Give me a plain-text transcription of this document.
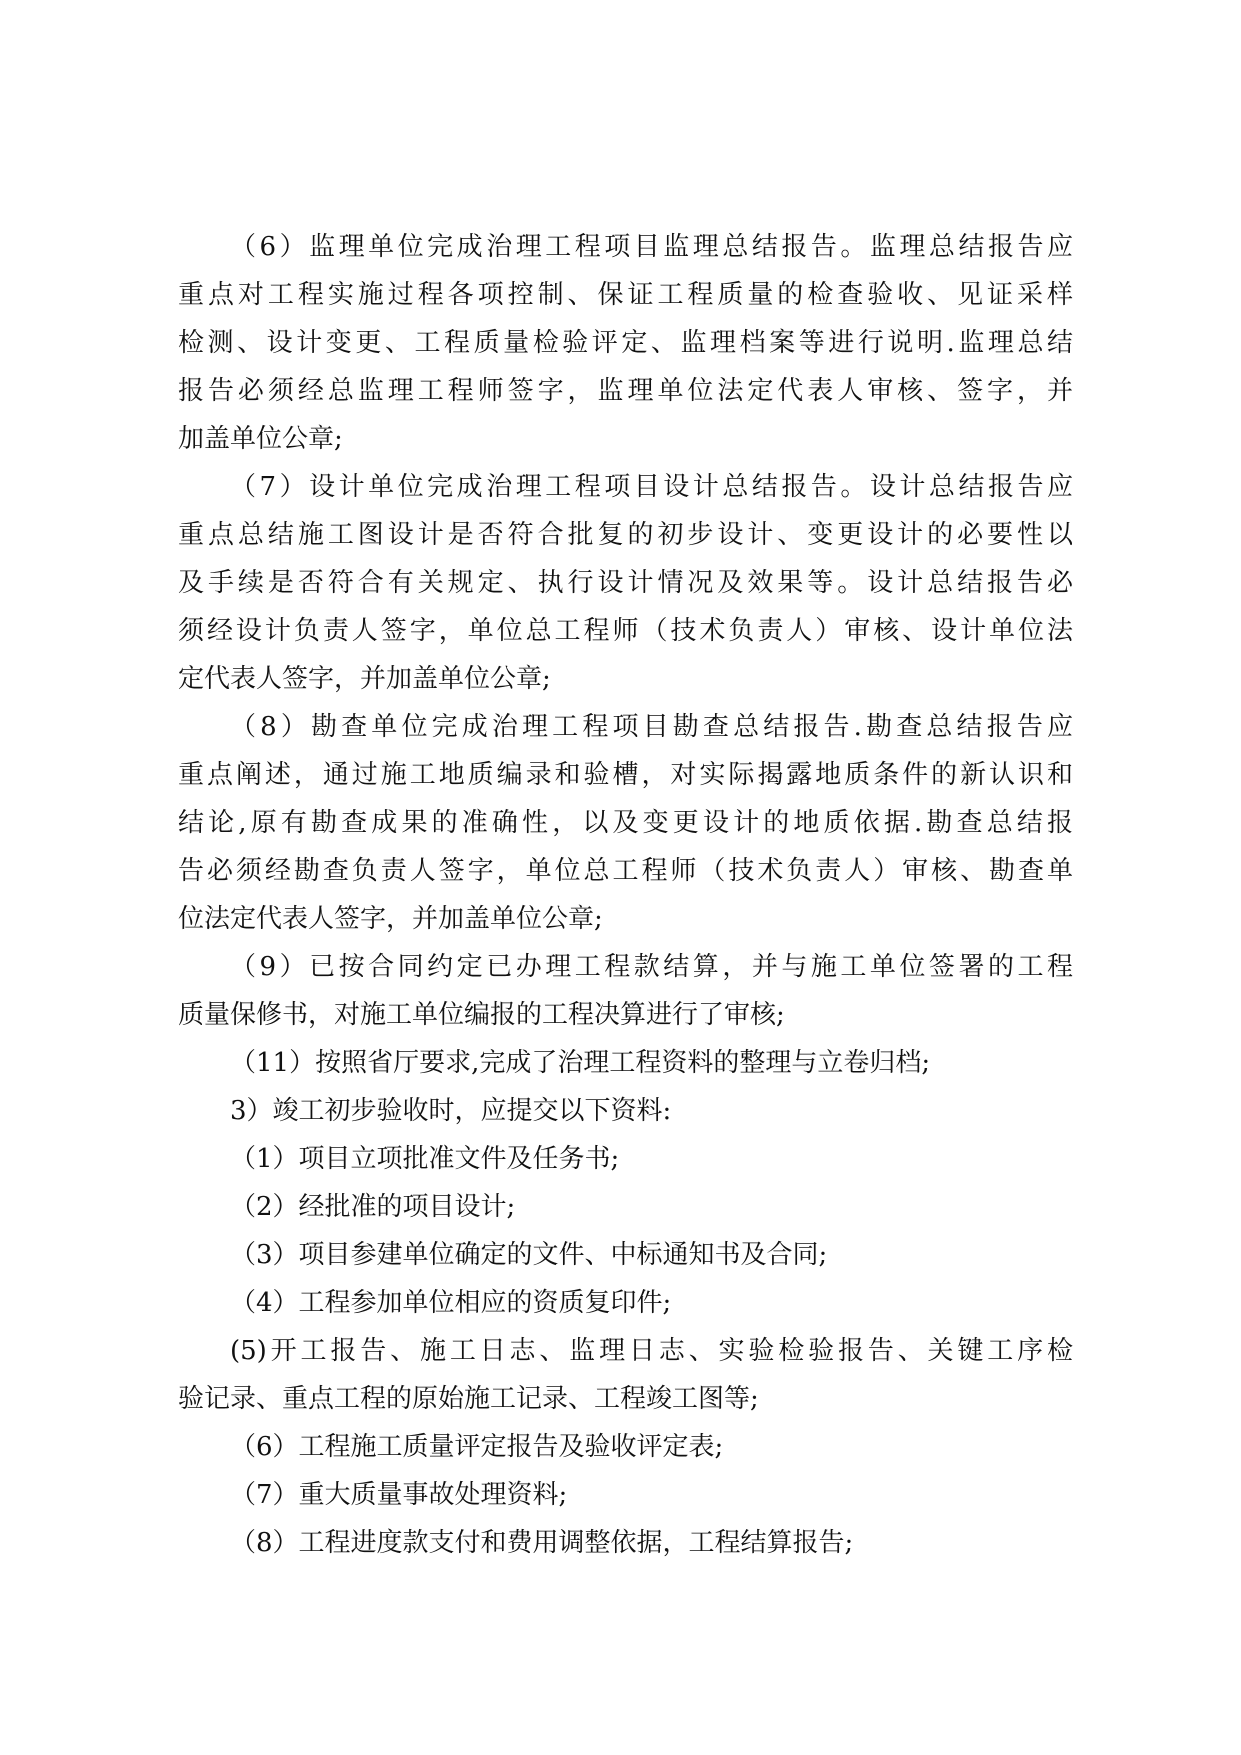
（6）监理单位完成治理工程项目监理总结报告。监理总结报告应
重点对工程实施过程各项控制、保证工程质量的检查验收、见证采样
检测、设计变更、工程质量检验评定、监理档案等进行说明.监理总结
报告必须经总监理工程师签字，监理单位法定代表人审核、签字，并
加盖单位公章;
（7）设计单位完成治理工程项目设计总结报告。设计总结报告应
重点总结施工图设计是否符合批复的初步设计、变更设计的必要性以
及手续是否符合有关规定、执行设计情况及效果等。设计总结报告必
须经设计负责人签字，单位总工程师（技术负责人）审核、设计单位法
定代表人签字，并加盖单位公章;
（8）勘查单位完成治理工程项目勘查总结报告.勘查总结报告应
重点阐述，通过施工地质编录和验槽，对实际揭露地质条件的新认识和
结论,原有勘查成果的准确性，以及变更设计的地质依据.勘查总结报
告必须经勘查负责人签字，单位总工程师（技术负责人）审核、勘查单
位法定代表人签字，并加盖单位公章;
（9）已按合同约定已办理工程款结算，并与施工单位签署的工程
质量保修书，对施工单位编报的工程决算进行了审核;
（11）按照省厅要求,完成了治理工程资料的整理与立卷归档;
3）竣工初步验收时，应提交以下资料:
（1）项目立项批准文件及任务书;
（2）经批准的项目设计;
（3）项目参建单位确定的文件、中标通知书及合同;
（4）工程参加单位相应的资质复印件;
(5)开工报告、施工日志、监理日志、实验检验报告、关键工序检
验记录、重点工程的原始施工记录、工程竣工图等;
（6）工程施工质量评定报告及验收评定表;
（7）重大质量事故处理资料;
（8）工程进度款支付和费用调整依据，工程结算报告;
